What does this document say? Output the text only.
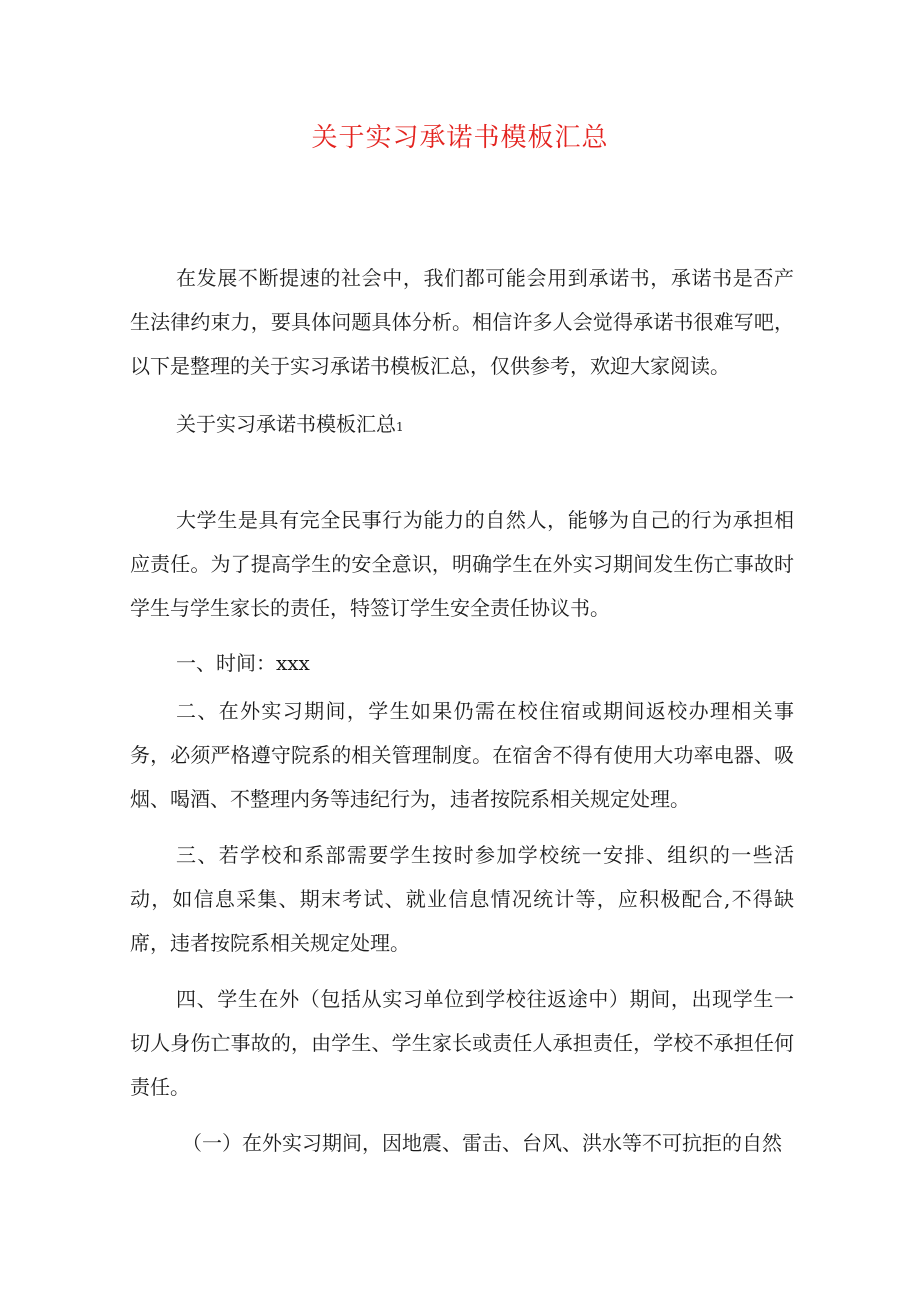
关于实习承诺书模板汇总

在发展不断提速的社会中，我们都可能会用到承诺书，承诺书是否产生法律约束力，要具体问题具体分析。相信许多人会觉得承诺书很难写吧，以下是整理的关于实习承诺书模板汇总，仅供参考，欢迎大家阅读。

关于实习承诺书模板汇总1

大学生是具有完全民事行为能力的自然人，能够为自己的行为承担相应责任。为了提高学生的安全意识，明确学生在外实习期间发生伤亡事故时学生与学生家长的责任，特签订学生安全责任协议书。

一、时间：xxx

二、在外实习期间，学生如果仍需在校住宿或期间返校办理相关事务，必须严格遵守院系的相关管理制度。在宿舍不得有使用大功率电器、吸烟、喝酒、不整理内务等违纪行为，违者按院系相关规定处理。

三、若学校和系部需要学生按时参加学校统一安排、组织的一些活动，如信息采集、期末考试、就业信息情况统计等，应积极配合,不得缺席，违者按院系相关规定处理。

四、学生在外（包括从实习单位到学校往返途中）期间，出现学生一切人身伤亡事故的，由学生、学生家长或责任人承担责任，学校不承担任何责任。

（一）在外实习期间，因地震、雷击、台风、洪水等不可抗拒的自然
